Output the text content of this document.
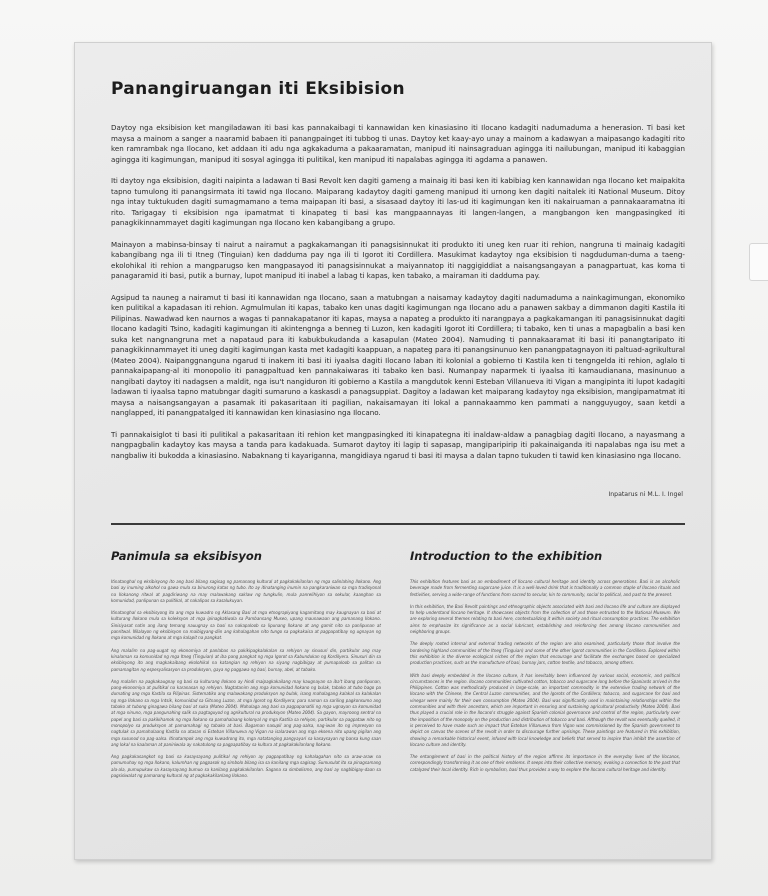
Panangiruangan iti Eksibision

Daytoy nga eksibision ket mangiladawan iti basi kas pannakaibagi ti kannawidan ken kinasiasino iti Ilocano kadagiti nadumaduma a henerasion. Ti basi ket maysa a mainom a sanger a naaramid babaen iti panangpainget iti tubbog ti unas. Daytoy ket kaay-ayo unay a mainom a kadawyan a maipasango kadagiti rito ken ramrambak nga Ilocano, ket addaan iti adu nga agkakaduma a pakaaramatan, manipud iti nainsagraduan agingga iti nailubungan, manipud iti kabaggian agingga iti kagimungan, manipud iti sosyal agingga iti pulitikal, ken manipud iti napalabas agingga iti agdama a panawen.

Iti daytoy nga eksibision, dagiti naipinta a ladawan ti Basi Revolt ken dagiti gameng a mainaig iti basi ken iti kabibiag ken kannawidan nga Ilocano ket maipakita tapno tumulong iti panangsirmata iti tawid nga Ilocano. Maiparang kadaytoy dagiti gameng manipud iti urnong ken dagiti naitalek iti National Museum. Ditoy nga intay tuktukuden dagiti sumagmamano a tema maipapan iti basi, a sisasaad daytoy iti las-ud iti kagimungan ken iti nakairuaman a pannakaaramatna iti rito. Tarigagay ti eksibision nga ipamatmat ti kinapateg ti basi kas mangpaannayas iti langen-langen, a mangbangon ken mangpasingked iti panagkikinnammayet dagiti kagimungan nga Ilocano ken kabangibang a grupo.

Mainayon a mabinsa-binsay ti nairut a nairamut a pagkakamangan iti panagsisinnukat iti produkto iti uneg ken ruar iti rehion, nangruna ti mainaig kadagiti kabangibang nga ili ti Itneg (Tinguian) ken dadduma pay nga ili ti Igorot iti Cordillera. Masukimat kadaytoy nga eksibision ti nagduduman-duma a taeng-ekolohikal iti rehion a mangparugso ken mangpasayod iti panagsisinnukat a maiyannatop iti naggigiddiat a naisangsangayan a panagpartuat, kas koma ti panagaramid iti basi, putik a burnay, lupot manipud iti inabel a labag ti kapas, ken tabako, a mairaman iti dadduma pay.

Agsipud ta nauneg a nairamut ti basi iti kannawidan nga Ilocano, saan a matubngan a naisamay kadaytoy dagiti nadumaduma a nainkagimungan, ekonomiko ken pulitikal a kapadasan iti rehion. Agmulmulan iti kapas, tabako ken unas dagiti kagimungan nga Ilocano adu a panawen sakbay a dimmanon dagiti Kastila iti Pilipinas. Nawadwad ken naurnos a wagas ti pannakapatanor iti kapas, maysa a napateg a produkto iti narangpaya a pagkakamangan iti panagsisinnukat dagiti Ilocano kadagiti Tsino, kadagiti kagimungan iti akintengnga a benneg ti Luzon, ken kadagiti Igorot iti Cordillera; ti tabako, ken ti unas a mapagbalin a basi ken suka ket nangnangruna met a napataud para iti kabukbukudanda a kasapulan (Mateo 2004). Namuding ti pannakaaramat iti basi iti panangtaripato iti panagkikinnammayet iti uneg dagiti kagimungan kasta met kadagiti kaappuan, a napateg para iti panangsinunuo ken panangpatagnayon iti paltuad-agrikultural (Mateo 2004). Naipanggnanguna ngarud ti inakem iti basi iti iyaalsa dagiti Ilocano laban iti kolonial a gobierno ti Kastila ken ti tengngelda iti rehion, aglalo ti pannakaipapang-al iti monopolio iti panagpaltuad ken pannakaiwaras iti tabako ken basi. Numanpay naparmek ti iyaalsa iti kamaudianana, masinunuo a nangibati daytoy iti nadagsen a maldit, nga isu't nangiduron iti gobierno a Kastila a mangdutok kenni Esteban Villanueva iti Vigan a mangipinta iti lupot kadagiti ladawan ti iyaalsa tapno matubngar dagiti sumaruno a kaskasdi a panagsuppiat. Dagitoy a ladawan ket maiparang kadaytoy nga eksibision, mangipamatmat iti maysa a naisangsangayan a pasamak iti pakasaritaan iti pagilian, nakaisamayan iti lokal a pannakaammo ken pammati a nangguyugoy, saan ketdi a nanglapped, iti panangpatalged iti kannawidan ken kinasiasino nga Ilocano.

Ti pannakaisiglot ti basi iti pulitikal a pakasaritaan iti rehion ket mangpasingked iti kinapategna iti inaldaw-aldaw a panagbiag dagiti Ilocano, a nayasmang a nangpagbalin kadaytoy kas maysa a tanda para kadakuada. Sumarot daytoy iti lagip ti sapasap, mangiparipirip iti pakainaiganda iti napalabas nga isu met a nangbaliw iti bukodda a kinasiasino. Nabaknang ti kayariganna, mangidiaya ngarud ti basi iti maysa a dalan tapno tukuden ti tawid ken kinasiasino nga Ilocano.

Inpatarus ni M.L. I. Ingel
Panimula sa eksibisyon

Itinatanghal ng eksibisyong ito ang basi bilang sagisag ng pamanang kultural at pagkakakilanlan ng mga salinlahing Ilokano. Ang basi ay inuming alkohol na gawa mula sa binurong katas ng tubo. Ito ay itinatanging inumin na pangkaraniwan sa mga tradisyonal na Ilokanong ritwal at pagdiriwang na may malawakang saklaw ng tungkulin, mula panrelihiyon sa sekular, kaanghan sa komunidad, panlipunan sa pulitikal, at nakalipas sa kasalukuyan.

Itinatanghal sa eksibisyong ito ang mga kuwadro ng Aklasang Basi at mga etnograpiyang kagamitang may kaugnayan sa basi at kulturang Ilokano mula sa koleksyon at mga ipinagkatiwala sa Pambansang Museo, upang maunawaan ang pamanang Ilokano. Sinisiyasat natin ang ilang temang nauugnay sa basi na nakapaloob sa lipunang Ilokano at ang gamit nito sa panlipunan at panritwal. Nilalayon ng eksibisyon na maibigyang-diin ang kahalagahan nito tungo sa pagkakaisa at pagpapatibay ng ugnayan ng mga komunidad ng Ilokano at mga kalapit na pangkat.

Ang malalim na pag-uugat ng ekonomiya at panlabas na pakikipagkalakalan sa rehiyon ay sinusuri din, partikular ang may kinalaman sa komunidad ng mga Itneg (Tinguian) at iba pang pangkat ng mga Igorot sa Kabundukan ng Kordilyera. Sinusuri din sa eksibisyong ito ang magkakaibang ekolohikal na katangian ng rehiyon na siyang nagbibigay at pumapaloob sa palitan sa pamamagitan ng espesyalisasyon sa produksyon, gaya ng paggawa ng basi, burnay, abel, at tabako.

Ang malalim na pagkakaugnay ng basi sa kulturang Ilokano ay hindi maipagkakailang may kaugnayan sa iba't ibang panlipunan, pang-ekonomiya at pulitikal na karanasan ng rehiyon. Nagtatanim ang mga komunidad Ilokano ng bulak, tabako at tubo bago pa dumating ang mga Kastila sa Pilipinas. Sistematiko ang malawakang produksyon ng bulak, isang mahalagang kalakal sa kalakalan ng mga Ilokano sa mga Intsik, komunidad sa Gitnang Luzon, at mga Igorot ng Kordilyera; para naman sa sariling pagkonsumo ang tabako at tubong ginagawa bilang basi at suka (Mateo 2004). Mahalaga ang basi sa pagpapanatili ng mga ugnayan sa komunidad at mga ninuno, mga pangunahing salik sa pagtaguyod ng agrikultural na produksyon (Mateo 2004). Sa gayon, mayroong sentral na papel ang basi sa pakikihamok ng mga Ilokano sa pamahalaang kolonyal ng mga Kastila sa rehiyon, partikular sa pagpataw nito ng monopolyo sa produksyon at pamamahagi ng tabako at basi. Bagaman nasupil ang pag-aalsa, nag-iwan ito ng impresyon na nagtulak sa pamahalaang Kastila na atasan si Esteban Villanueva ng Vigan na isalarawan ang mga eksena nito upang pigilan ang mga susunod na pag-aalsa. Itinatampok ang mga kuwadrong ito, mga natatanging pangyayari sa kasaysayan ng bansa kung saan ang lokal na kaalaman at paniniwala ay nakatulong sa pagpapatibay sa kultura at pagkakakilanlang Ilokano.

Ang pagkakasangkot ng basi sa kasaysayang pulitikal ng rehiyon ay pagpapatibay ng kahalagahan nito sa araw-araw na pamumuhay ng mga Ilokano, kalumhan ng pagpasok ng simbolo bilang isa sa kanilang mga sagisag. Sumusulat ito sa pinagsamang ala-ala, pumupukaw sa kasaysayang bumuo sa kanilang pagkakakilanlan. Sagana sa simbolismo, ang basi ay nagbibigay-daan sa pagsisiwalat ng pamanang kultural ng at pagkakakilanlang Ilokano.

Introduction to the exhibition

This exhibition features basi as an embodiment of Ilocano cultural heritage and identity across generations. Basi is an alcoholic beverage made from fermenting sugarcane juice. It is a well-loved drink that is traditionally a common staple of Ilocano rituals and festivities, serving a wide-range of functions from sacred to secular, kin to community, social to political, and past to the present.

In this exhibition, the Basi Revolt paintings and ethnographic objects associated with basi and Ilocano life and culture are displayed to help understand Ilocano heritage. It showcases objects from the collection of and those entrusted to the National Museum. We are exploring several themes relating to basi here, contextualizing it within society and ritual consumption practices. The exhibition aims to emphasize its significance as a social lubricant, establishing and reinforcing ties among Ilocano communities and neighboring groups.

The deeply rooted internal and external trading networks of the region are also examined, particularly those that involve the bordering highland communities of the Itneg (Tinguian) and some of the other Igorot communities in the Cordillera. Explored within this exhibition is the diverse ecological niches of the region that encourage and facilitate the exchanges based on specialized production practices, such as the manufacture of basi, burnay jars, cotton textile, and tobacco, among others.

With basi deeply embedded in the Ilocano culture, it has inevitably been influenced by various social, economic, and political circumstances in the region. Ilocano communities cultivated cotton, tobacco and sugarcane long before the Spaniards arrived in the Philippines. Cotton was methodically produced in large-scale, an important commodity in the extensive trading network of the Ilocano with the Chinese, the Central Luzon communities, and the Igorots of the Cordillera; tobacco, and sugarcane for basi and vinegar were mainly for their own consumption (Mateo 2004). Basi was significantly used in maintaining relationships within the communities and with their ancestors, which are important in ensuring and sustaining agricultural productivity (Mateo 2004). Basi thus played a crucial role in the Ilocano's struggle against Spanish colonial governance and control of the region, particularly over the imposition of the monopoly on the production and distribution of tobacco and basi. Although the revolt was eventually quelled, it is perceived to have made such an impact that Esteban Villanueva from Vigan was commissioned by the Spanish government to depict on canvas the scenes of the revolt in order to discourage further uprisings. These paintings are featured in this exhibition, showing a remarkable historical event, infused with local knowledge and beliefs that served to inspire than inhibit the assertion of Ilocano culture and identity.

The entanglement of basi in the political history of the region affirms its importance in the everyday lives of the Ilocanos, correspondingly transforming it as one of their emblems. It seeps into their collective memory, evoking a connection to the past that catalyzed their local identity. Rich in symbolism, basi thus provides a way to explore the Ilocano cultural heritage and identity.
